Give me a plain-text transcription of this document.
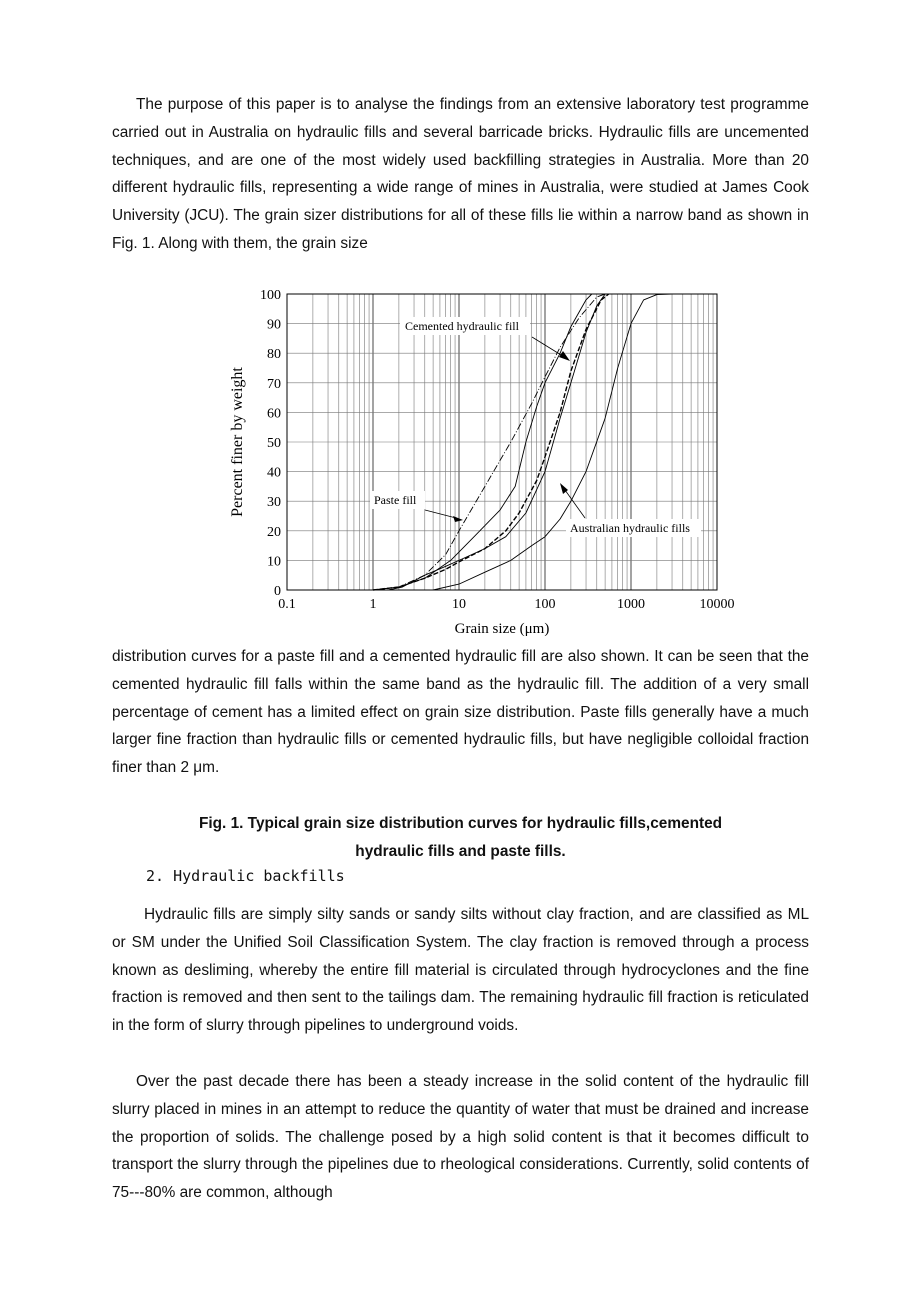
The purpose of this paper is to analyse the findings from an extensive laboratory test programme carried out in Australia on hydraulic fills and several barricade bricks. Hydraulic fills are uncemented techniques, and are one of the most widely used backfilling strategies in Australia. More than 20 different hydraulic fills, representing a wide range of mines in Australia, were studied at James Cook University (JCU). The grain sizer distributions for all of these fills lie within a narrow band as shown in Fig. 1. Along with them, the grain size

0
10
20
30
40
50
60
70
80
90
100
0.1	1	10	100	1000	10000
Cemented hydraulic fill
Paste fill
Australian hydraulic fills
Grain size (μm)
Percent finer by weight

distribution curves for a paste fill and a cemented hydraulic fill are also shown. It can be seen that the cemented hydraulic fill falls within the same band as the hydraulic fill. The addition of a very small percentage of cement has a limited effect on grain size distribution. Paste fills generally have a much larger fine fraction than hydraulic fills or cemented hydraulic fills, but have negligible colloidal fraction finer than 2 μm.

Fig. 1. Typical grain size distribution curves for hydraulic fills,cemented
hydraulic fills and paste fills.

2. Hydraulic backfills

Hydraulic fills are simply silty sands or sandy silts without clay fraction, and are classified as ML or SM under the Unified Soil Classification System. The clay fraction is removed through a process known as desliming, whereby the entire fill material is circulated through hydrocyclones and the fine fraction is removed and then sent to the tailings dam. The remaining hydraulic fill fraction is reticulated in the form of slurry through pipelines to underground voids.

Over the past decade there has been a steady increase in the solid content of the hydraulic fill slurry placed in mines in an attempt to reduce the quantity of water that must be drained and increase the proportion of solids. The challenge posed by a high solid content is that it becomes difficult to transport the slurry through the pipelines due to rheological considerations. Currently, solid contents of 75---80% are common, although
